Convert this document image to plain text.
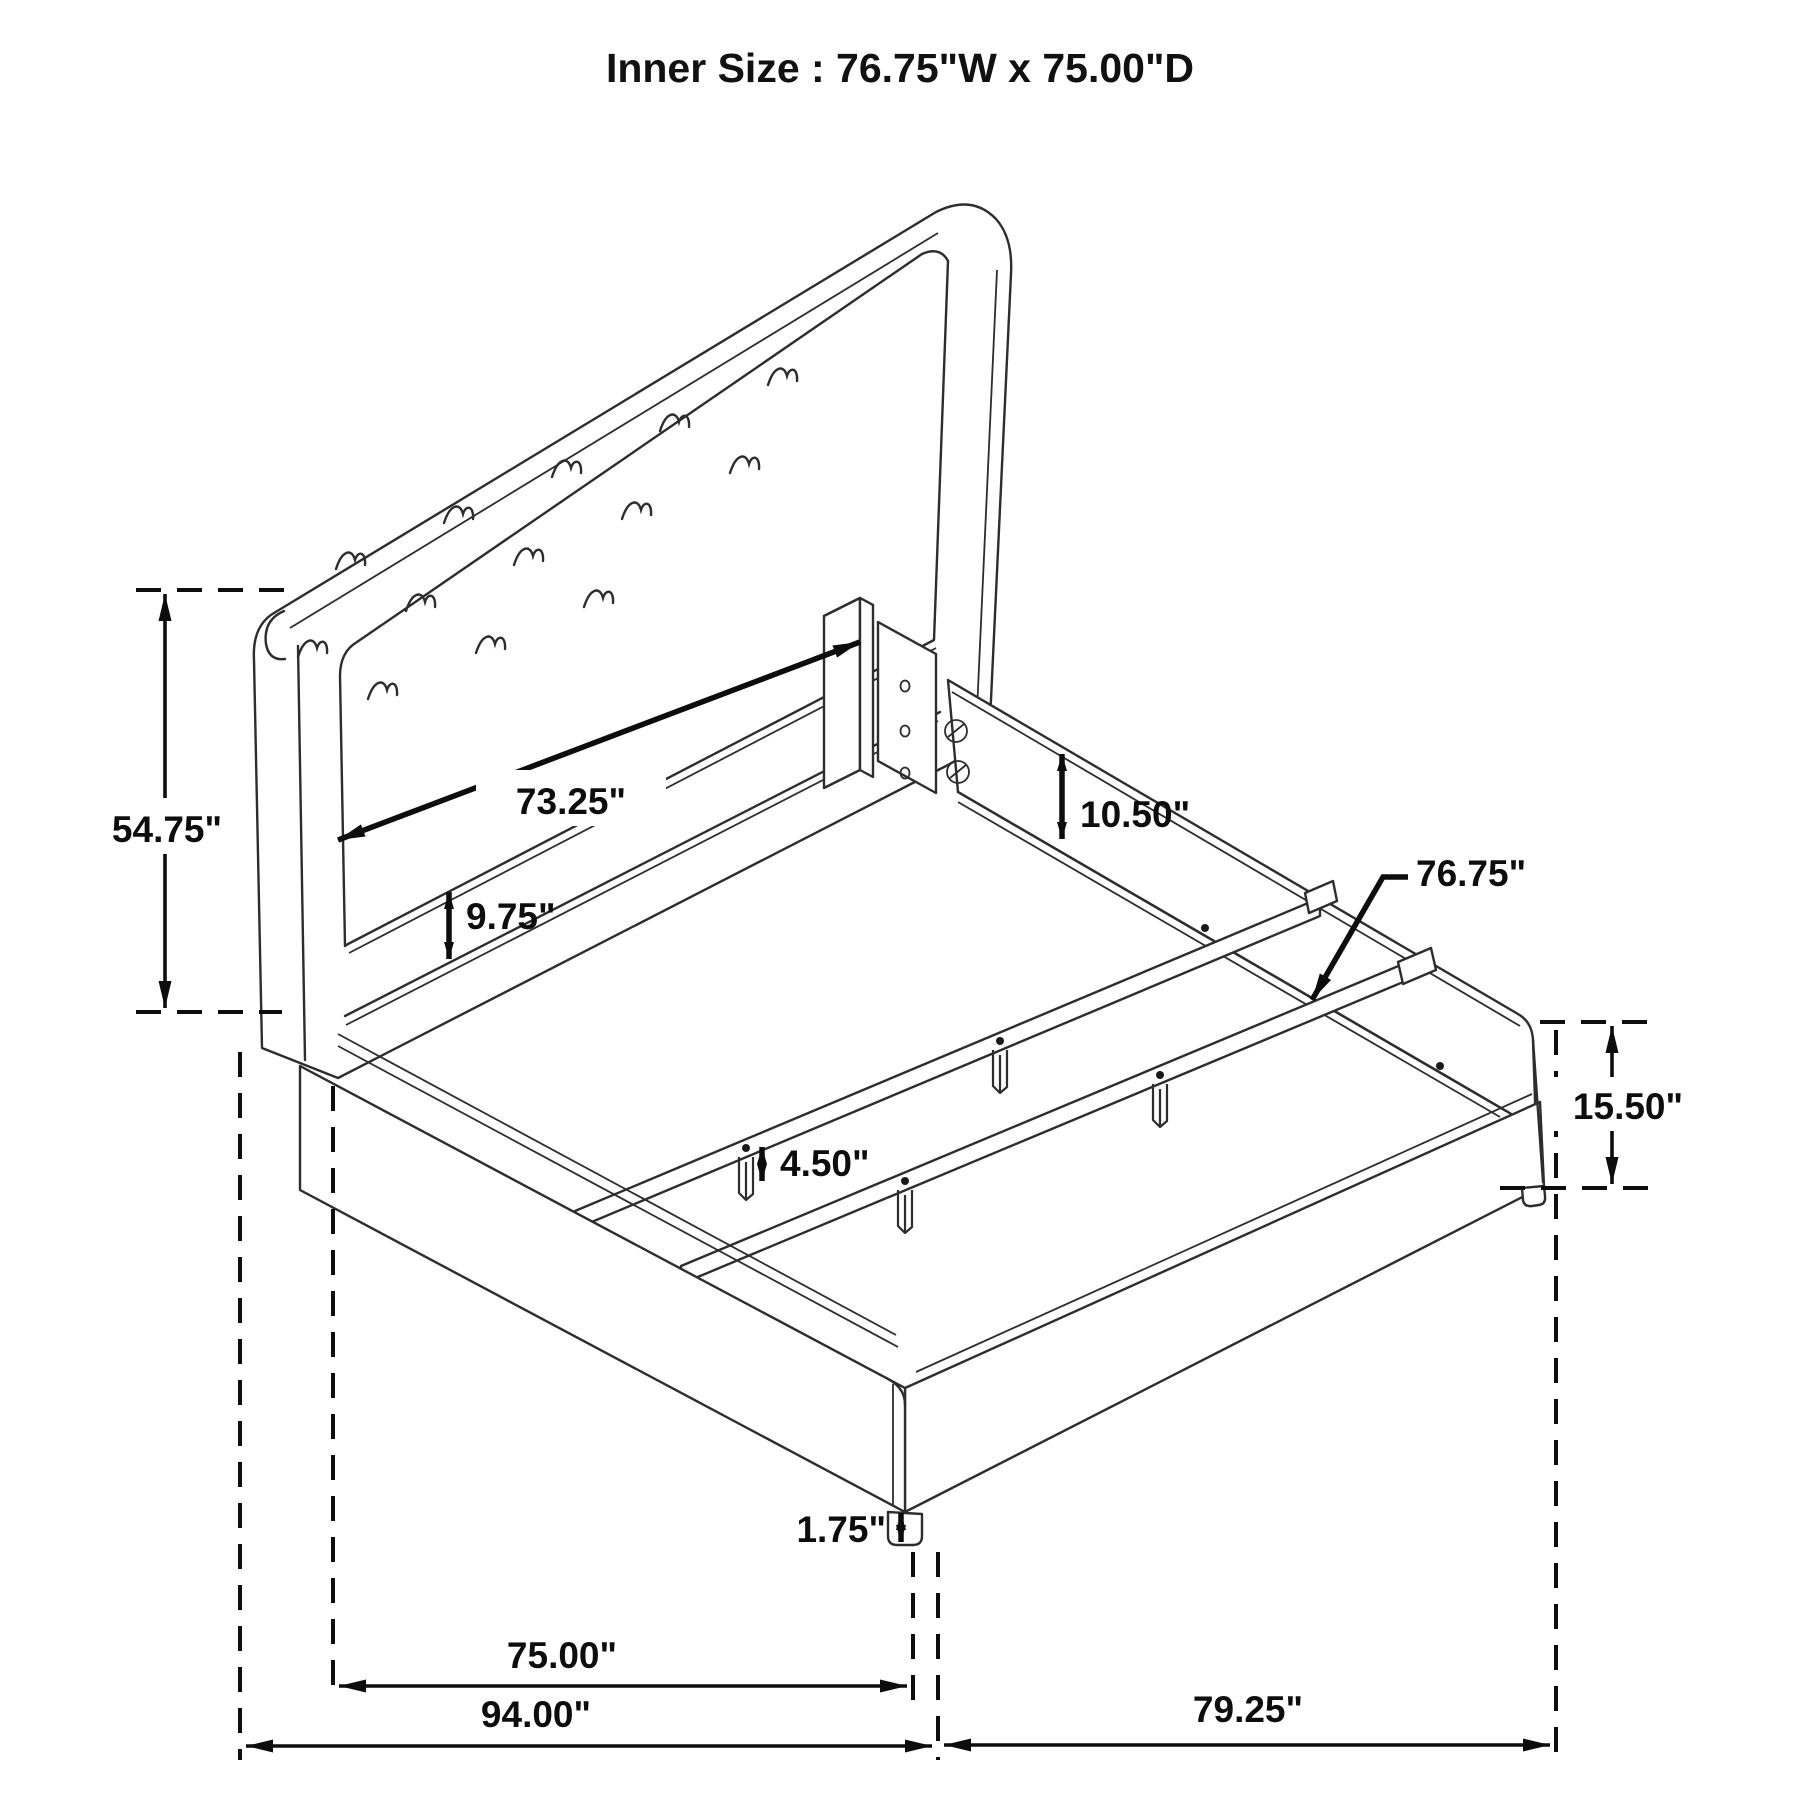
Inner Size : 76.75"W x 75.00"D
54.75"
73.25"
9.75"
10.50"
76.75"
4.50"
1.75"
15.50"
75.00"
94.00"	79.25"
